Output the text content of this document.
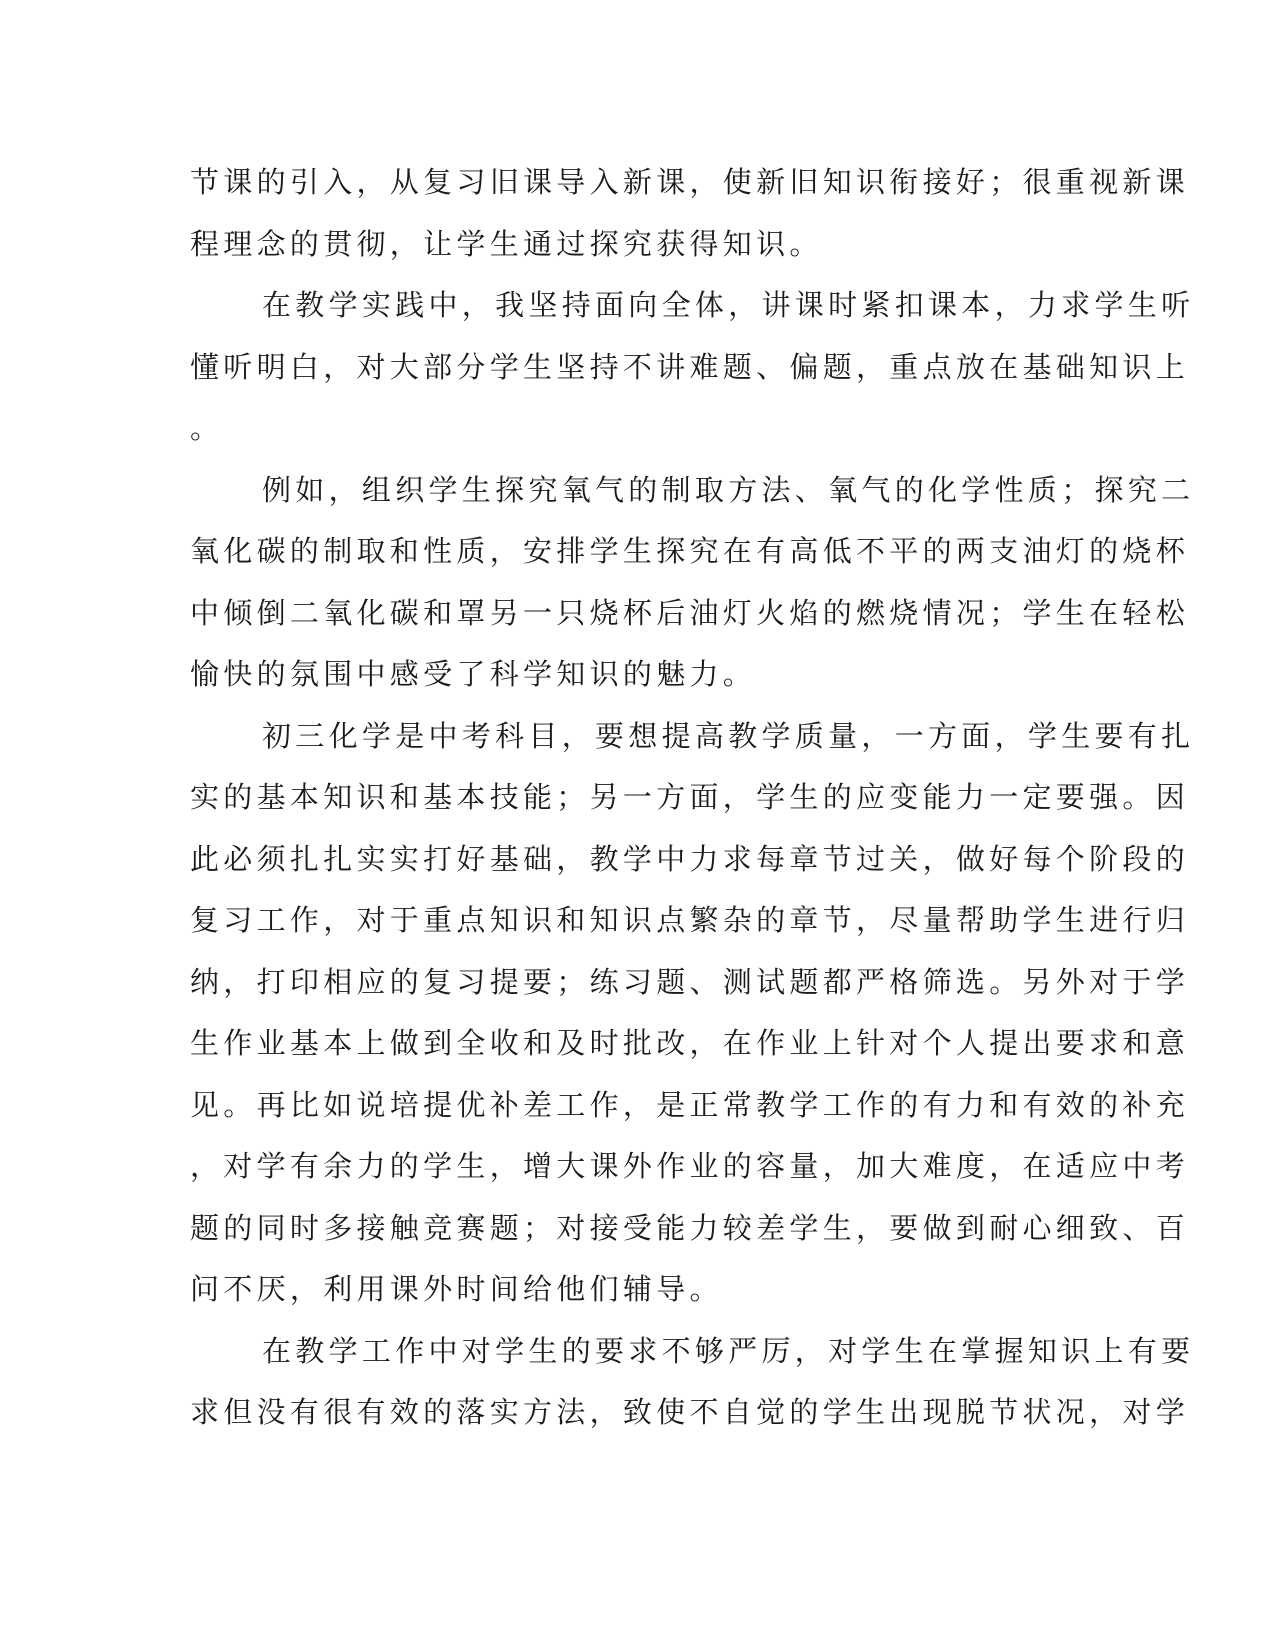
节课的引入，从复习旧课导入新课，使新旧知识衔接好；很重视新课
程理念的贯彻，让学生通过探究获得知识。
在教学实践中，我坚持面向全体，讲课时紧扣课本，力求学生听
懂听明白，对大部分学生坚持不讲难题、偏题，重点放在基础知识上
。
例如，组织学生探究氧气的制取方法、氧气的化学性质；探究二
氧化碳的制取和性质，安排学生探究在有高低不平的两支油灯的烧杯
中倾倒二氧化碳和罩另一只烧杯后油灯火焰的燃烧情况；学生在轻松
愉快的氛围中感受了科学知识的魅力。
初三化学是中考科目，要想提高教学质量，一方面，学生要有扎
实的基本知识和基本技能；另一方面，学生的应变能力一定要强。因
此必须扎扎实实打好基础，教学中力求每章节过关，做好每个阶段的
复习工作，对于重点知识和知识点繁杂的章节，尽量帮助学生进行归
纳，打印相应的复习提要；练习题、测试题都严格筛选。另外对于学
生作业基本上做到全收和及时批改，在作业上针对个人提出要求和意
见。再比如说培提优补差工作，是正常教学工作的有力和有效的补充
，对学有余力的学生，增大课外作业的容量，加大难度，在适应中考
题的同时多接触竞赛题；对接受能力较差学生，要做到耐心细致、百
问不厌，利用课外时间给他们辅导。
在教学工作中对学生的要求不够严厉，对学生在掌握知识上有要
求但没有很有效的落实方法，致使不自觉的学生出现脱节状况，对学
